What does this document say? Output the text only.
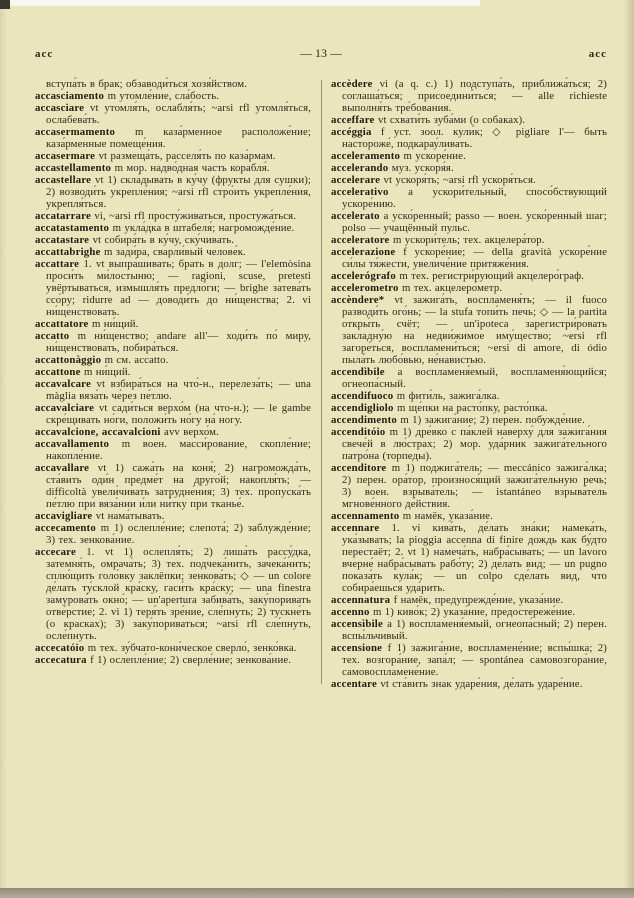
acc	— 13 —	acc

вступа́ть в брак; обзаводи́ться хозя́йством.

accasciamento m утомле́ние, сла́бость.

accasciare vt утомля́ть, ослабля́ть; ~arsi rfl утомля́ться, ослабева́ть.

accasermamento m каза́рменное расположе́ние; каза́рменные помеще́ния.

accasermare vt размеща́ть, расселя́ть по каза́рмам.

accastellamento m мор. надво́дная часть корабля́.

accastellare vt 1) скла́дывать в ку́чу (фрукты для сушки); 2) возводи́ть укрепле́ния; ~arsi rfl стро́ить укрепле́ния, укрепля́ться.

accatarrare vi, ~arsi rfl просту́живаться, простужа́ться.

accatastamento m укла́дка в штабеля́; нагроможде́ние.

accatastare vt собира́ть в ку́чу, ску́чивать.

accattabrighe m зади́ра, сварли́вый челове́к.

accattare 1. vt выпра́шивать; брать в долг; — l'elemòsina проси́ть ми́лостыню; — ragioni, scuse, pretesti увёртываться, измышля́ть предло́ги; — brighe затева́ть ссо́ру; ridurre ad — доводи́ть до ни́щенства; 2. vi ни́щенствовать.

accattatore m ни́щий.

accatto m ни́щенство; andare all'— ходи́ть по́ миру, ни́щенствовать, побира́ться.

accattonàggio m см. accatto.

accattone m ни́щий.

accavalcare vt взбира́ться на что́-н., перелеза́ть; — una màglia вяза́ть че́рез пе́тлю.

accavalciare vt сади́ться верхо́м (на что-н.); — le gambe скре́щивать но́ги, положи́ть но́гу на́ ногу.

accavalcione, accavalcioni avv верхо́м.

accavallamento m воен. масси́рование, скопле́ние; накопле́ние.

accavallare vt 1) сажа́ть на коня́; 2) нагроможда́ть, ста́вить оди́н предме́т на друго́й; накопля́ть; — difficoltà увели́чивать затрудне́ния; 3) тех. пропуска́ть пе́тлю при вяза́нии и́ли ни́тку при тканье́.

accavigliare vt нама́тывать.

accecamento m 1) ослепле́ние; слепота́; 2) заблужде́ние; 3) тех. зенкова́ние.

accecare 1. vt 1) ослепля́ть; 2) лиша́ть рассу́дка, затемня́ть, омрача́ть; 3) тех. подчека́нить, зачека́нить; сплю́щить голо́вку заклёпки; зенкова́ть; ◇ — un colore де́лать ту́склой кра́ску, гаси́ть кра́ску; — una finestra замурова́ть окно́; — un'apertura забива́ть, заку́поривать отве́рстие; 2. vi 1) теря́ть зре́ние, сле́пнуть; 2) тускне́ть (о красках); 3) заку́пориваться; ~arsi rfl сле́пнуть, осле́пнуть.

accecatóio m тех. зу́бчато-кони́ческое сверло́, зенко́вка.

accecatura f 1) ослепле́ние; 2) сверле́ние; зенкова́ние.

accèdere vi (a q. c.) 1) подступа́ть, приближа́ться; 2) соглаша́ться; присоедини́ться; — alle richieste выполня́ть тре́бования.

acceffare vt схвати́ть зуба́ми (о собаках).

accéggia f уст. зоол. кули́к; ◇ pigliare l'— быть настороже́, подкарау́ливать.

acceleramento m ускоре́ние.

accelerando муз. ускоря́я.

accelerare vt ускоря́ть; ~arsi rfl ускоря́ться.

accelerativo a ускори́тельный, спосо́бствующий ускоре́нию.

accelerato a уско́ренный; passo — воен. уско́ренный шаг; polso — учащённый пульс.

acceleratore m ускори́тель; тех. акцелера́тор.

accelerazione f ускоре́ние; — della gravità ускоре́ние си́лы тя́жести, увеличе́ние притяже́ния.

accelerógrafo m тех. регистри́рующий акцелеро́граф.

accelerometro m тех. акцелеро́метр.

accèndere* vt зажига́ть, воспламеня́ть; — il fuoco разводи́ть ого́нь; — la stufa топи́ть печь; ◇ — la partita откры́ть счёт; — un'ipoteca зарегистри́ровать закладну́ю на недви́жимое иму́щество; ~ersi rfl загоре́ться, воспламени́ться; ~ersi di amore, di ódio пыла́ть любо́вью, не́навистью.

accendìbile a воспламеня́емый, воспламеня́ющийся; огнеопа́сный.

accendifuoco m фити́ль, зажига́лка.

accendigliolo m ще́пки на расто́пку, расто́пка.

accendimento m 1) зажига́ние; 2) перен. побужде́ние.

accenditóio m 1) дре́вко с па́клей наверху́ для зажига́ния свече́й в лю́страх; 2) мор. уда́рник зажига́тельного патро́на (торпеды).

accenditore m 1) поджига́тель; — meccánico зажига́лка; 2) перен. ора́тор, произнося́щий зажига́тельную речь; 3) воен. взрыва́тель; — istantáneo взрыва́тель мгнове́нного де́йствия.

accennamento m намёк, указа́ние.

accennare 1. vi кива́ть, де́лать зна́ки; намека́ть, ука́зывать; la pioggia accenna di finire дождь как бу́дто перестаёт; 2. vt 1) намеча́ть, набра́сывать; — un lavoro вчерне́ набра́сывать рабо́ту; 2) де́лать вид; — un pugno показа́ть кула́к; — un colpo сде́лать вид, что собира́ешься уда́рить.

accennatura f намёк, предупрежде́ние, указа́ние.

accenno m 1) киво́к; 2) указа́ние, предостереже́ние.

accensìbile a 1) воспламеня́емый, огнеопа́сный; 2) перен. вспы́льчивый.

accensione f 1) зажига́ние, воспламене́ние; вспы́шка; 2) тех. возгора́ние, запа́л; — spontánea самовозгора́ние, самовоспламене́ние.

accentare vt ста́вить знак ударе́ния, де́лать ударе́ние.
